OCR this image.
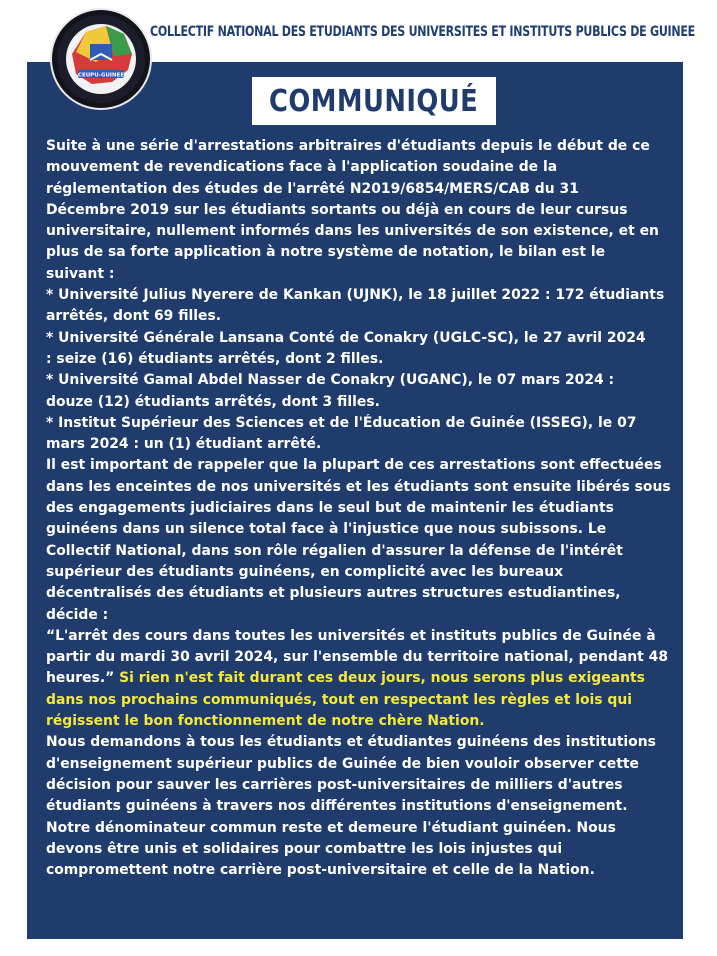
COLLECTIF NATIONAL DES ETUDIANTS DES UNIVERSITES ET INSTITUTS PUBLICS DE GUINEE
CEUPU-GUINEE
COMMUNIQUÉ
Suite à une série d'arrestations arbitraires d'étudiants depuis le début de ce
mouvement de revendications face à l'application soudaine de la
réglementation des études de l'arrêté N2019/6854/MERS/CAB du 31
Décembre 2019 sur les étudiants sortants ou déjà en cours de leur cursus
universitaire, nullement informés dans les universités de son existence, et en
plus de sa forte application à notre système de notation, le bilan est le
suivant :
* Université Julius Nyerere de Kankan (UJNK), le 18 juillet 2022 : 172 étudiants
arrêtés, dont 69 filles.
* Université Générale Lansana Conté de Conakry (UGLC-SC), le 27 avril 2024
: seize (16) étudiants arrêtés, dont 2 filles.
* Université Gamal Abdel Nasser de Conakry (UGANC), le 07 mars 2024 :
douze (12) étudiants arrêtés, dont 3 filles.
* Institut Supérieur des Sciences et de l'Éducation de Guinée (ISSEG), le 07
mars 2024 : un (1) étudiant arrêté.
Il est important de rappeler que la plupart de ces arrestations sont effectuées
dans les enceintes de nos universités et les étudiants sont ensuite libérés sous
des engagements judiciaires dans le seul but de maintenir les étudiants
guinéens dans un silence total face à l'injustice que nous subissons. Le
Collectif National, dans son rôle régalien d'assurer la défense de l'intérêt
supérieur des étudiants guinéens, en complicité avec les bureaux
décentralisés des étudiants et plusieurs autres structures estudiantines,
décide :
“L'arrêt des cours dans toutes les universités et instituts publics de Guinée à
partir du mardi 30 avril 2024, sur l'ensemble du territoire national, pendant 48
heures.” Si rien n'est fait durant ces deux jours, nous serons plus exigeants
dans nos prochains communiqués, tout en respectant les règles et lois qui
régissent le bon fonctionnement de notre chère Nation.
Nous demandons à tous les étudiants et étudiantes guinéens des institutions
d'enseignement supérieur publics de Guinée de bien vouloir observer cette
décision pour sauver les carrières post-universitaires de milliers d'autres
étudiants guinéens à travers nos différentes institutions d'enseignement.
Notre dénominateur commun reste et demeure l'étudiant guinéen. Nous
devons être unis et solidaires pour combattre les lois injustes qui
compromettent notre carrière post-universitaire et celle de la Nation.
